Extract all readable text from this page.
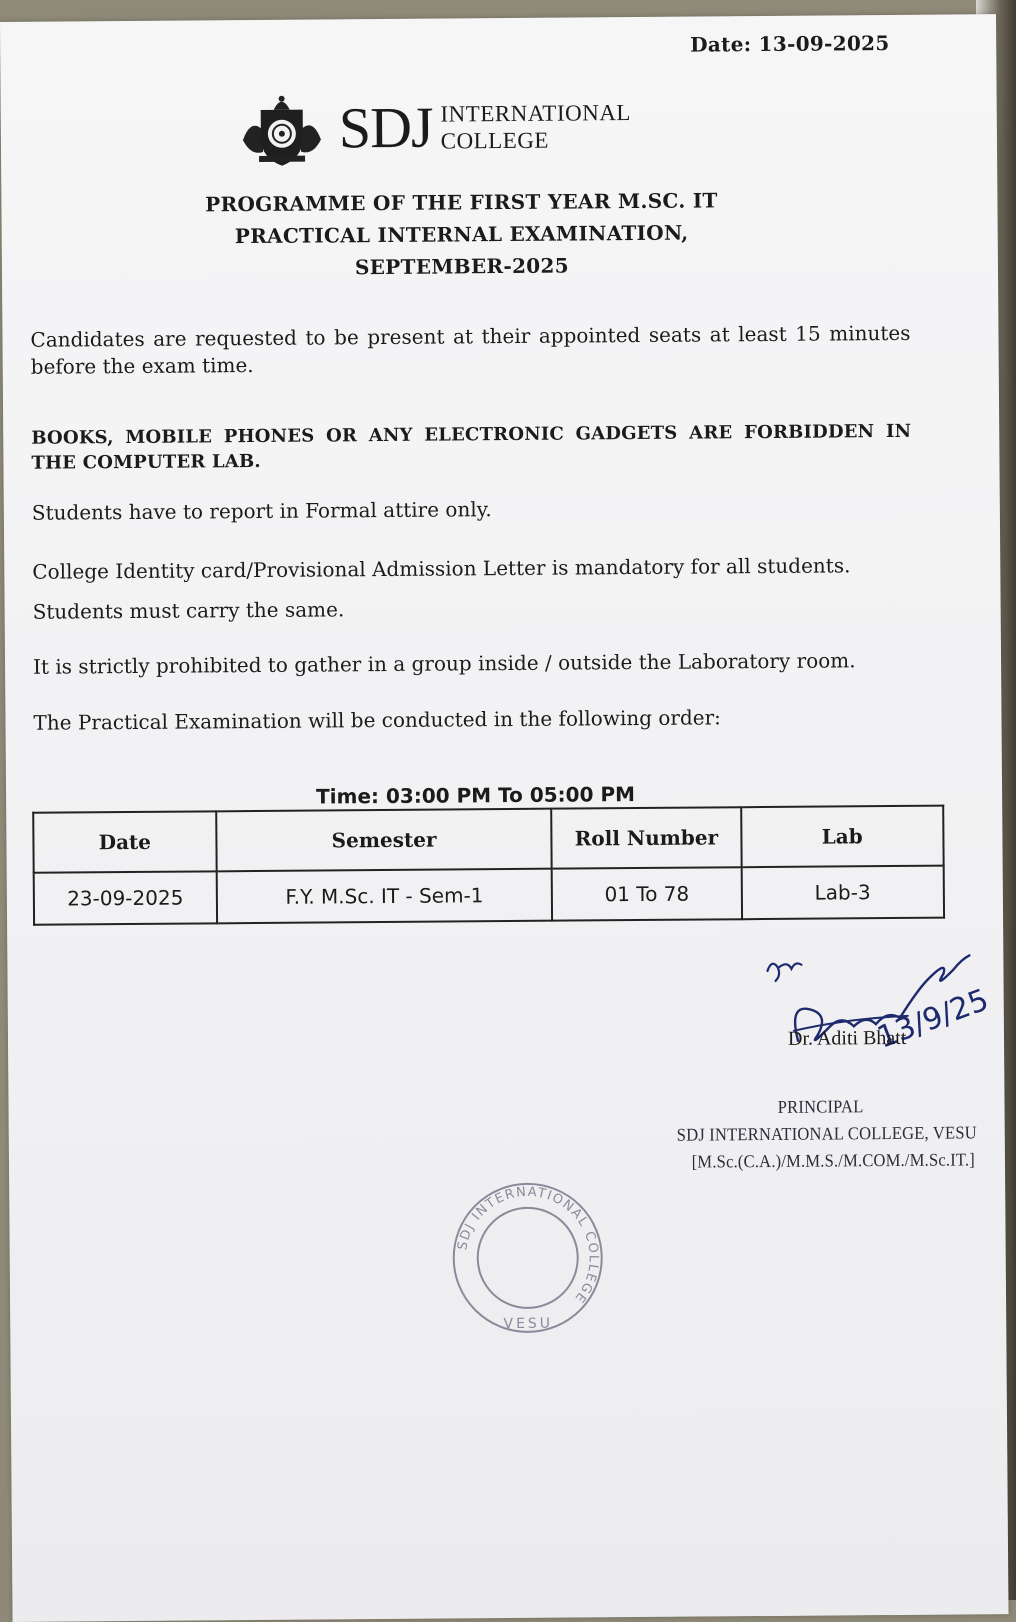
Date: 13-09-2025
SDJ INTERNATIONAL
COLLEGE
PROGRAMME OF THE FIRST YEAR M.SC. IT
PRACTICAL INTERNAL EXAMINATION,
SEPTEMBER-2025
Candidates are requested to be present at their appointed seats at least 15 minutes before the exam time.
BOOKS, MOBILE PHONES OR ANY ELECTRONIC GADGETS ARE FORBIDDEN IN THE COMPUTER LAB.
Students have to report in Formal attire only.
College Identity card/Provisional Admission Letter is mandatory for all students. Students must carry the same.
It is strictly prohibited to gather in a group inside / outside the Laboratory room.
The Practical Examination will be conducted in the following order:
Time: 03:00 PM To 05:00 PM
Date	Semester	Roll Number	Lab
23-09-2025	F.Y. M.Sc. IT - Sem-1	01 To 78	Lab-3
13/9/25
Dr. Aditi Bhatt
PRINCIPAL
SDJ INTERNATIONAL COLLEGE, VESU
[M.Sc.(C.A.)/M.M.S./M.COM./M.Sc.IT.]
SDJ INTERNATIONAL COLLEGE
VESU
